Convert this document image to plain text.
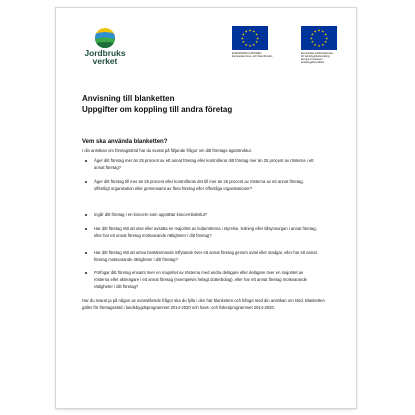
Jordbruks
verket
★ ★
★
★
★
★
★
★
★
★
★
★
EUROPEISKA UNIONEN
Europeiska havs- och fiskerifonden
★ ★
★
★
★
★
★
★
★
★
★
★
Europeiska jordbruksfonden
för landsbygdsutveckling:
Europa investerar i
landsbygdsområden
Anvisning till blanketten
Uppgifter om koppling till andra företag
Vem ska använda blanketten?
I din ansökan om företagsstöd har du svarat på följande frågor om ditt företags ägarstruktur.
Äger ditt företag mer än 25 procent av ett annat företag eller kontrollerar ditt företag mer än 25 procent av rösterna i ett annat företag?
Äger ditt företag till mer än 25 procent eller kontrolleras det till mer än 25 procent av rösterna av ett annat företag, offentligt organisation eller gemensamt av flera företag eller offentliga organisationer?
Ingår ditt företag i en koncern som upprättar koncernbokslut?
Har ditt företag rätt att utse eller avsätta en majoritet av ledamöterna i styrelse, ledning eller tillsynsorgan i annat företag, eller har ett annat företag motsvarande rättigheter i ditt företag?
Har ditt företag rätt att utöva bestämmande inflytande över ett annat företag genom avtal eller stadgar, eller har ett annat företag motsvarande rättigheter i ditt företag?
Förfogar ditt företag ensamt över en majoritet av rösterna med andra delägare eller delägare över en majoritet av rösterna eller aktieägare i ett annat företag (exempelvis helägt dotterbolag), eller har ett annat företag motsvarande rättigheter i ditt företag?
Har du svarat ja på någon av ovanstående frågor ska du fylla i den här blanketten och bifoga med din ansökan om stöd. Blanketten gäller för företagsstöd i landsbygdsprogrammet 2014-2020 och havs- och fiskeriprogrammet 2014-2020.
